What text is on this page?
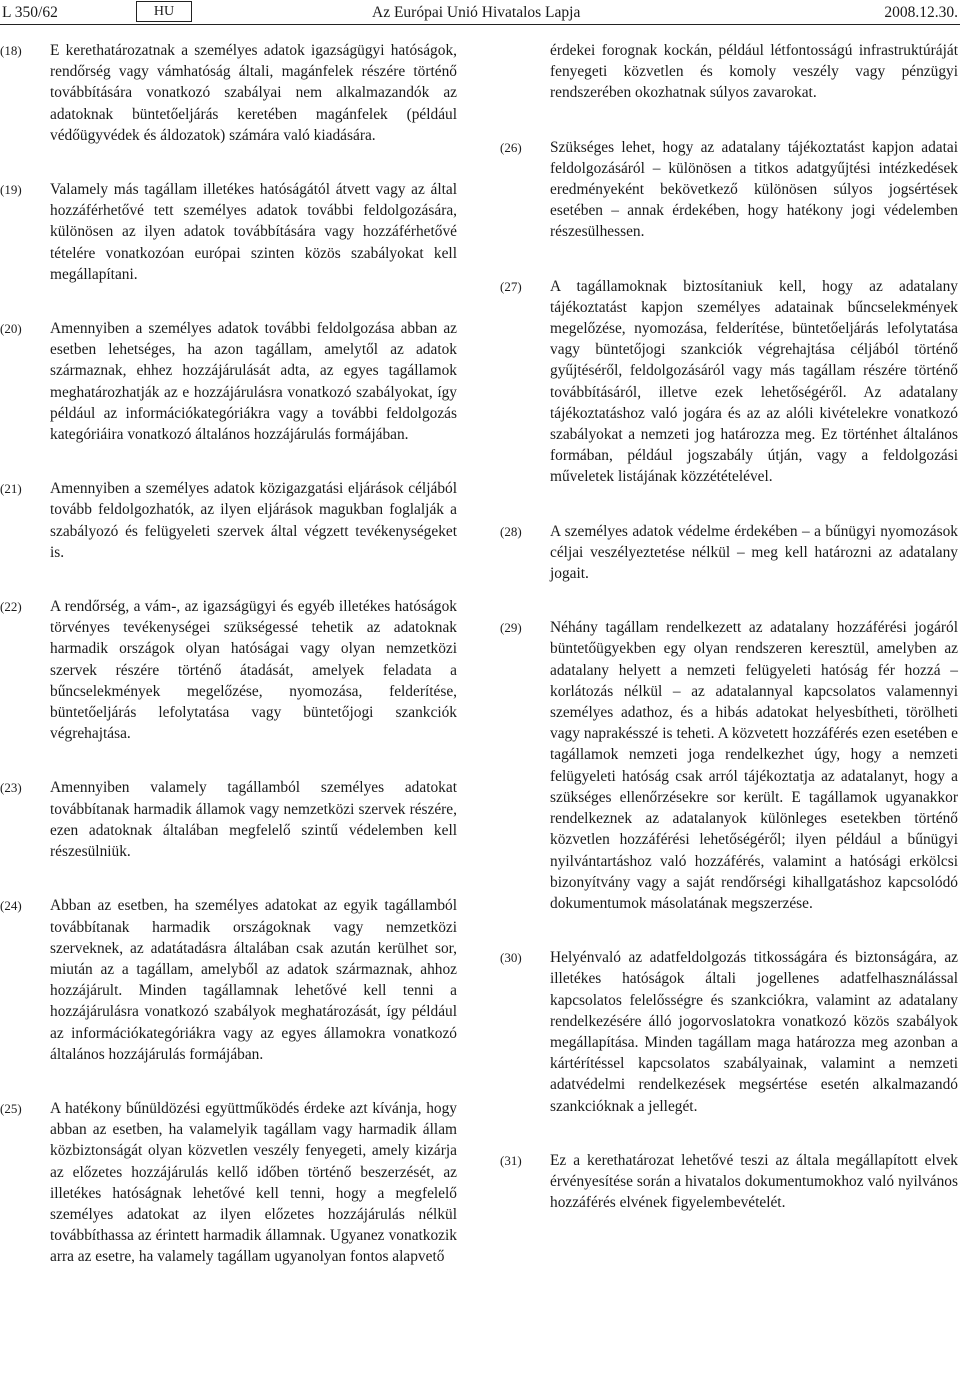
L 350/62	HU	Az Európai Unió Hivatalos Lapja	2008.12.30.
(18)	E kerethatározatnak a személyes adatok igazságügyi hatóságok, rendőrség vagy vámhatóság általi, magánfelek részére történő továbbítására vonatkozó szabályai nem alkalmazandók az adatoknak büntetőeljárás keretében magánfelek (például védőügyvédek és áldozatok) számára való kiadására.
(19)	Valamely más tagállam illetékes hatóságától átvett vagy az által hozzáférhetővé tett személyes adatok további feldolgozására, különösen az ilyen adatok továbbítására vagy hozzáférhetővé tételére vonatkozóan európai szinten közös szabályokat kell megállapítani.
(20)	Amennyiben a személyes adatok további feldolgozása abban az esetben lehetséges, ha azon tagállam, amelytől az adatok származnak, ehhez hozzájárulását adta, az egyes tagállamok meghatározhatják az e hozzájárulásra vonatkozó szabályokat, így például az információkategóriákra vagy a további feldolgozás kategóriáira vonatkozó általános hozzájárulás formájában.
(21)	Amennyiben a személyes adatok közigazgatási eljárások céljából tovább feldolgozhatók, az ilyen eljárások magukban foglalják a szabályozó és felügyeleti szervek által végzett tevékenységeket is.
(22)	A rendőrség, a vám-, az igazságügyi és egyéb illetékes hatóságok törvényes tevékenységei szükségessé tehetik az adatoknak harmadik országok olyan hatóságai vagy olyan nemzetközi szervek részére történő átadását, amelyek feladata a bűncselekmények megelőzése, nyomozása, felderítése, büntetőeljárás lefolytatása vagy büntetőjogi szankciók végrehajtása.
(23)	Amennyiben valamely tagállamból személyes adatokat továbbítanak harmadik államok vagy nemzetközi szervek részére, ezen adatoknak általában megfelelő szintű védelemben kell részesülniük.
(24)	Abban az esetben, ha személyes adatokat az egyik tagállamból továbbítanak harmadik országoknak vagy nemzetközi szerveknek, az adatátadásra általában csak azután kerülhet sor, miután az a tagállam, amelyből az adatok származnak, ahhoz hozzájárult. Minden tagállamnak lehetővé kell tenni a hozzájárulásra vonatkozó szabályok meghatározását, így például az információkategóriákra vagy az egyes államokra vonatkozó általános hozzájárulás formájában.
(25)	A hatékony bűnüldözési együttműködés érdeke azt kívánja, hogy abban az esetben, ha valamelyik tagállam vagy harmadik állam közbiztonságát olyan közvetlen veszély fenyegeti, amely kizárja az előzetes hozzájárulás kellő időben történő beszerzését, az illetékes hatóságnak lehetővé kell tenni, hogy a megfelelő személyes adatokat az ilyen előzetes hozzájárulás nélkül továbbíthassa az érintett harmadik államnak. Ugyanez vonatkozik arra az esetre, ha valamely tagállam ugyanolyan fontos alapvető
érdekei forognak kockán, például létfontosságú infrastruktúráját fenyegeti közvetlen és komoly veszély vagy pénzügyi rendszerében okozhatnak súlyos zavarokat.
(26)	Szükséges lehet, hogy az adatalany tájékoztatást kapjon adatai feldolgozásáról – különösen a titkos adatgyűjtési intézkedések eredményeként bekövetkező különösen súlyos jogsértések esetében – annak érdekében, hogy hatékony jogi védelemben részesülhessen.
(27)	A tagállamoknak biztosítaniuk kell, hogy az adatalany tájékoztatást kapjon személyes adatainak bűncselekmények megelőzése, nyomozása, felderítése, büntetőeljárás lefolytatása vagy büntetőjogi szankciók végrehajtása céljából történő gyűjtéséről, feldolgozásáról vagy más tagállam részére történő továbbításáról, illetve ezek lehetőségéről. Az adatalany tájékoztatáshoz való jogára és az az alóli kivételekre vonatkozó szabályokat a nemzeti jog határozza meg. Ez történhet általános formában, például jogszabály útján, vagy a feldolgozási műveletek listájának közzétételével.
(28)	A személyes adatok védelme érdekében – a bűnügyi nyomozások céljai veszélyeztetése nélkül – meg kell határozni az adatalany jogait.
(29)	Néhány tagállam rendelkezett az adatalany hozzáférési jogáról büntetőügyekben egy olyan rendszeren keresztül, amelyben az adatalany helyett a nemzeti felügyeleti hatóság fér hozzá – korlátozás nélkül – az adatalannyal kapcsolatos valamennyi személyes adathoz, és a hibás adatokat helyesbítheti, törölheti vagy naprakésszé is teheti. A közvetett hozzáférés ezen esetében e tagállamok nemzeti joga rendelkezhet úgy, hogy a nemzeti felügyeleti hatóság csak arról tájékoztatja az adatalanyt, hogy a szükséges ellenőrzésekre sor került. E tagállamok ugyanakkor rendelkeznek az adatalanyok különleges esetekben történő közvetlen hozzáférési lehetőségéről; ilyen például a bűnügyi nyilvántartáshoz való hozzáférés, valamint a hatósági erkölcsi bizonyítvány vagy a saját rendőrségi kihallgatáshoz kapcsolódó dokumentumok másolatának megszerzése.
(30)	Helyénvaló az adatfeldolgozás titkosságára és biztonságára, az illetékes hatóságok általi jogellenes adatfelhasználással kapcsolatos felelősségre és szankciókra, valamint az adatalany rendelkezésére álló jogorvoslatokra vonatkozó közös szabályok megállapítása. Minden tagállam maga határozza meg azonban a kártérítéssel kapcsolatos szabályainak, valamint a nemzeti adatvédelmi rendelkezések megsértése esetén alkalmazandó szankcióknak a jellegét.
(31)	Ez a kerethatározat lehetővé teszi az általa megállapított elvek érvényesítése során a hivatalos dokumentumokhoz való nyilvános hozzáférés elvének figyelembevételét.
